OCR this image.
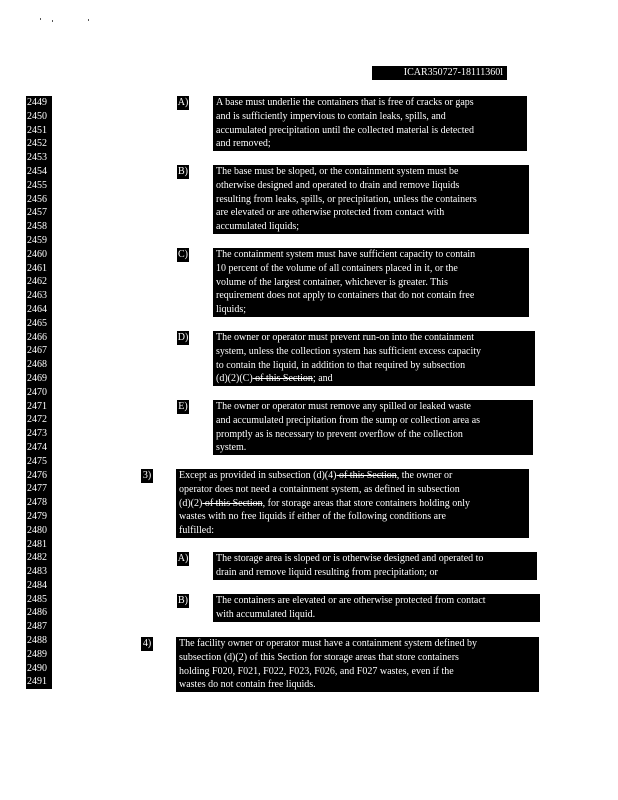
ICAR350727-18111360l
2449
2450
2451
2452
2453
2454
2455
2456
2457
2458
2459
2460
2461
2462
2463
2464
2465
2466
2467
2468
2469
2470
2471
2472
2473
2474
2475
2476
2477
2478
2479
2480
2481
2482
2483
2484
2485
2486
2487
2488
2489
2490
2491
A)	A base must underlie the containers that is free of cracks or gaps
and is sufficiently impervious to contain leaks, spills, and
accumulated precipitation until the collected material is detected
and removed;
B)	The base must be sloped, or the containment system must be
otherwise designed and operated to drain and remove liquids
resulting from leaks, spills, or precipitation, unless the containers
are elevated or are otherwise protected from contact with
accumulated liquids;
C)	The containment system must have sufficient capacity to contain
10 percent of the volume of all containers placed in it, or the
volume of the largest container, whichever is greater. This
requirement does not apply to containers that do not contain free
liquids;
D)	The owner or operator must prevent run-on into the containment
system, unless the collection system has sufficient excess capacity
to contain the liquid, in addition to that required by subsection
(d)(2)(C) of this Section; and
E)	The owner or operator must remove any spilled or leaked waste
and accumulated precipitation from the sump or collection area as
promptly as is necessary to prevent overflow of the collection
system.
3)	Except as provided in subsection (d)(4) of this Section, the owner or
operator does not need a containment system, as defined in subsection
(d)(2) of this Section, for storage areas that store containers holding only
wastes with no free liquids if either of the following conditions are
fulfilled:
A)	The storage area is sloped or is otherwise designed and operated to
drain and remove liquid resulting from precipitation; or
B)	The containers are elevated or are otherwise protected from contact
with accumulated liquid.
4)	The facility owner or operator must have a containment system defined by
subsection (d)(2) of this Section for storage areas that store containers
holding F020, F021, F022, F023, F026, and F027 wastes, even if the
wastes do not contain free liquids.
